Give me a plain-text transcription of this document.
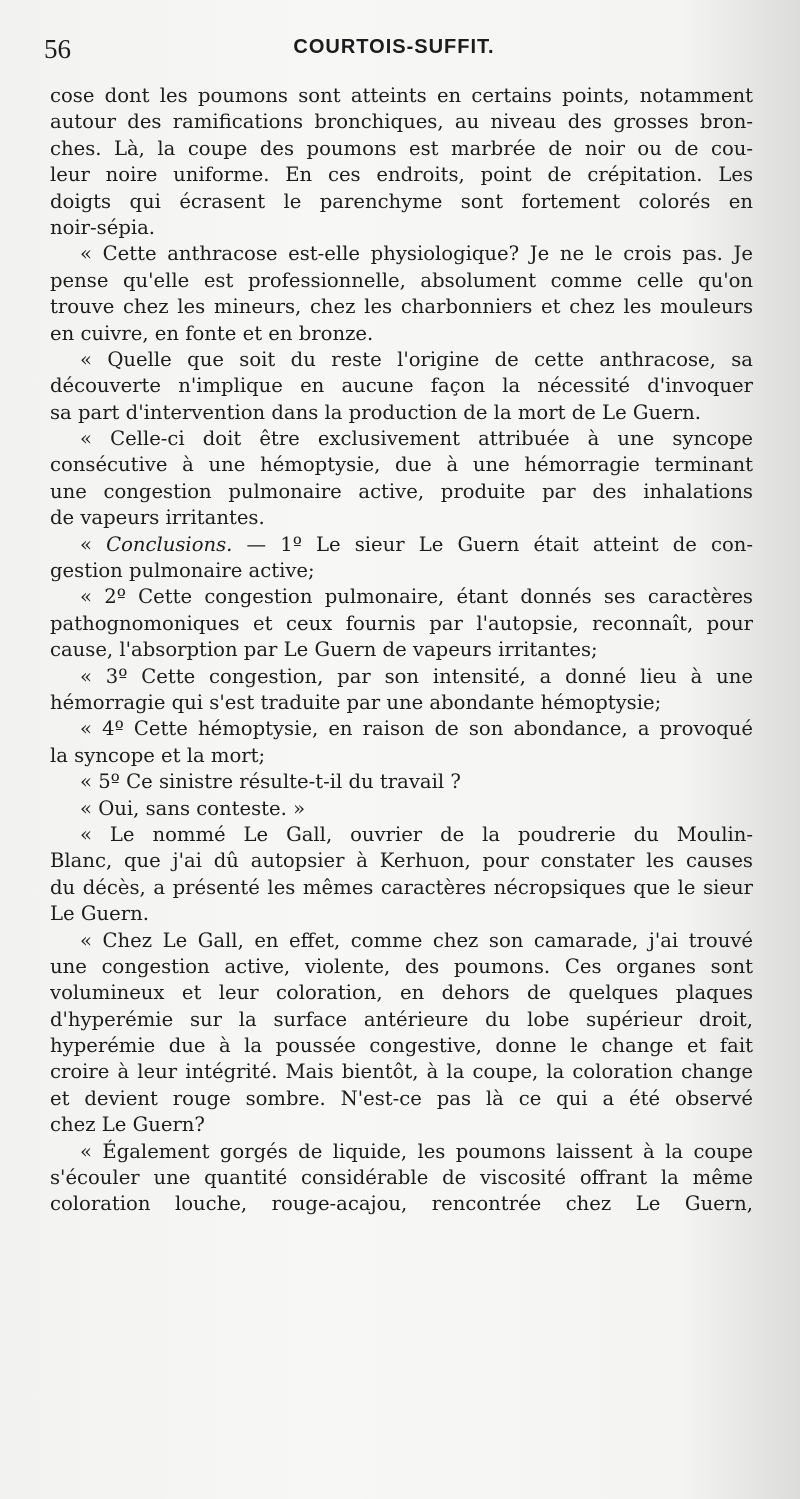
56	COURTOIS-SUFFIT.
cose dont les poumons sont atteints en certains points, notamment
autour des ramifications bronchiques, au niveau des grosses bron-
ches. Là, la coupe des poumons est marbrée de noir ou de cou-
leur noire uniforme. En ces endroits, point de crépitation. Les
doigts qui écrasent le parenchyme sont fortement colorés en
noir-sépia.
« Cette anthracose est-elle physiologique? Je ne le crois pas. Je
pense qu'elle est professionnelle, absolument comme celle qu'on
trouve chez les mineurs, chez les charbonniers et chez les mouleurs
en cuivre, en fonte et en bronze.
« Quelle que soit du reste l'origine de cette anthracose, sa
découverte n'implique en aucune façon la nécessité d'invoquer
sa part d'intervention dans la production de la mort de Le Guern.
« Celle-ci doit être exclusivement attribuée à une syncope
consécutive à une hémoptysie, due à une hémorragie terminant
une congestion pulmonaire active, produite par des inhalations
de vapeurs irritantes.
« Conclusions. — 1º Le sieur Le Guern était atteint de con-
gestion pulmonaire active;
« 2º Cette congestion pulmonaire, étant donnés ses caractères
pathognomoniques et ceux fournis par l'autopsie, reconnaît, pour
cause, l'absorption par Le Guern de vapeurs irritantes;
« 3º Cette congestion, par son intensité, a donné lieu à une
hémorragie qui s'est traduite par une abondante hémoptysie;
« 4º Cette hémoptysie, en raison de son abondance, a provoqué
la syncope et la mort;
« 5º Ce sinistre résulte-t-il du travail ?
« Oui, sans conteste. »
« Le nommé Le Gall, ouvrier de la poudrerie du Moulin-
Blanc, que j'ai dû autopsier à Kerhuon, pour constater les causes
du décès, a présenté les mêmes caractères nécropsiques que le sieur
Le Guern.
« Chez Le Gall, en effet, comme chez son camarade, j'ai trouvé
une congestion active, violente, des poumons. Ces organes sont
volumineux et leur coloration, en dehors de quelques plaques
d'hyperémie sur la surface antérieure du lobe supérieur droit,
hyperémie due à la poussée congestive, donne le change et fait
croire à leur intégrité. Mais bientôt, à la coupe, la coloration change
et devient rouge sombre. N'est-ce pas là ce qui a été observé
chez Le Guern?
« Également gorgés de liquide, les poumons laissent à la coupe
s'écouler une quantité considérable de viscosité offrant la même
coloration louche, rouge-acajou, rencontrée chez Le Guern,
